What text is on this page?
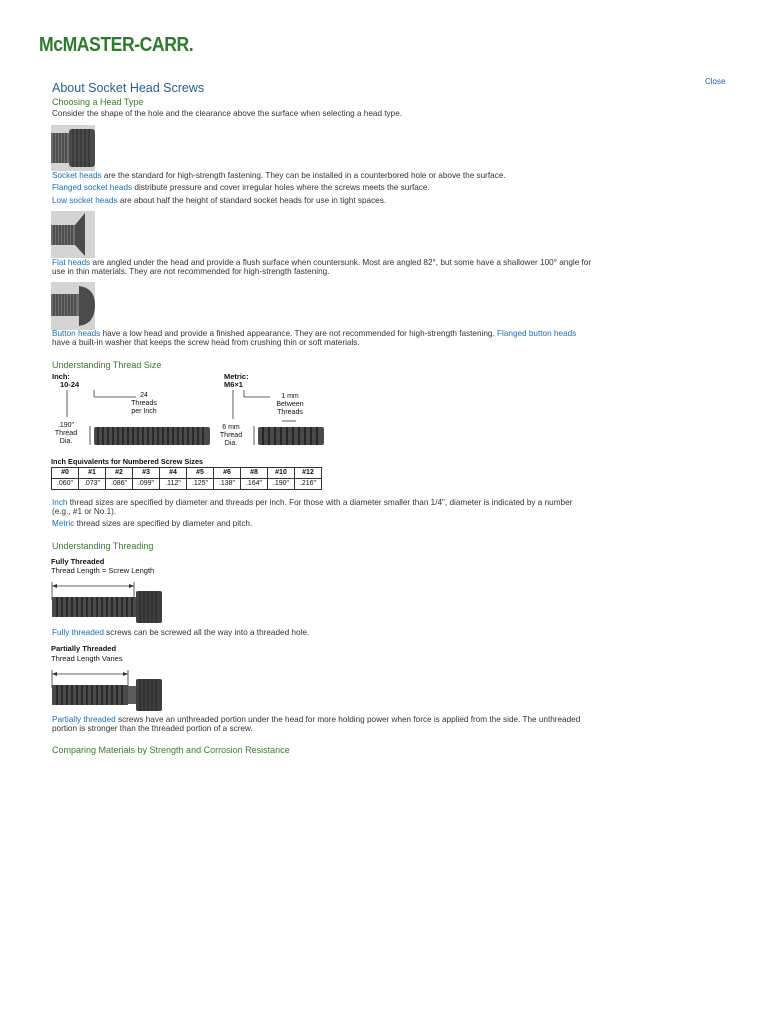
McMASTER-CARR.
Close
About Socket Head Screws
Choosing a Head Type

Consider the shape of the hole and the clearance above the surface when selecting a head type.

Socket heads are the standard for high-strength fastening. They can be installed in a counterbored hole or above the surface.

Flanged socket heads distribute pressure and cover irregular holes where the screws meets the surface.

Low socket heads are about half the height of standard socket heads for use in tight spaces.

Flat heads are angled under the head and provide a flush surface when countersunk. Most are angled 82°, but some have a shallower 100° angle for use in thin materials. They are not recommended for high-strength fastening.

Button heads have a low head and provide a finished appearance. They are not recommended for high-strength fastening. Flanged button heads have a built-in washer that keeps the screw head from crushing thin or soft materials.

Understanding Thread Size
Inch:
10-24
24
Threads
per Inch
.190"
Thread
Dia.
Metric:
M6×1
1 mm
Between
Threads
6 mm
Thread
Dia.
Inch Equivalents for Numbered Screw Sizes
#0	#1	#2	#3	#4	#5	#6	#8	#10	#12
.060"	.073"	.086"	.099"	.112"	.125"	.138"	.164"	.190"	.216"

Inch thread sizes are specified by diameter and threads per inch. For those with a diameter smaller than 1/4", diameter is indicated by a number (e.g., #1 or No.1).

Metric thread sizes are specified by diameter and pitch.

Understanding Threading
Fully Threaded
Thread Length = Screw Length

Fully threaded screws can be screwed all the way into a threaded hole.

Partially Threaded
Thread Length Varies

Partially threaded screws have an unthreaded portion under the head for more holding power when force is applied from the side. The unthreaded portion is stronger than the threaded portion of a screw.

Comparing Materials by Strength and Corrosion Resistance
